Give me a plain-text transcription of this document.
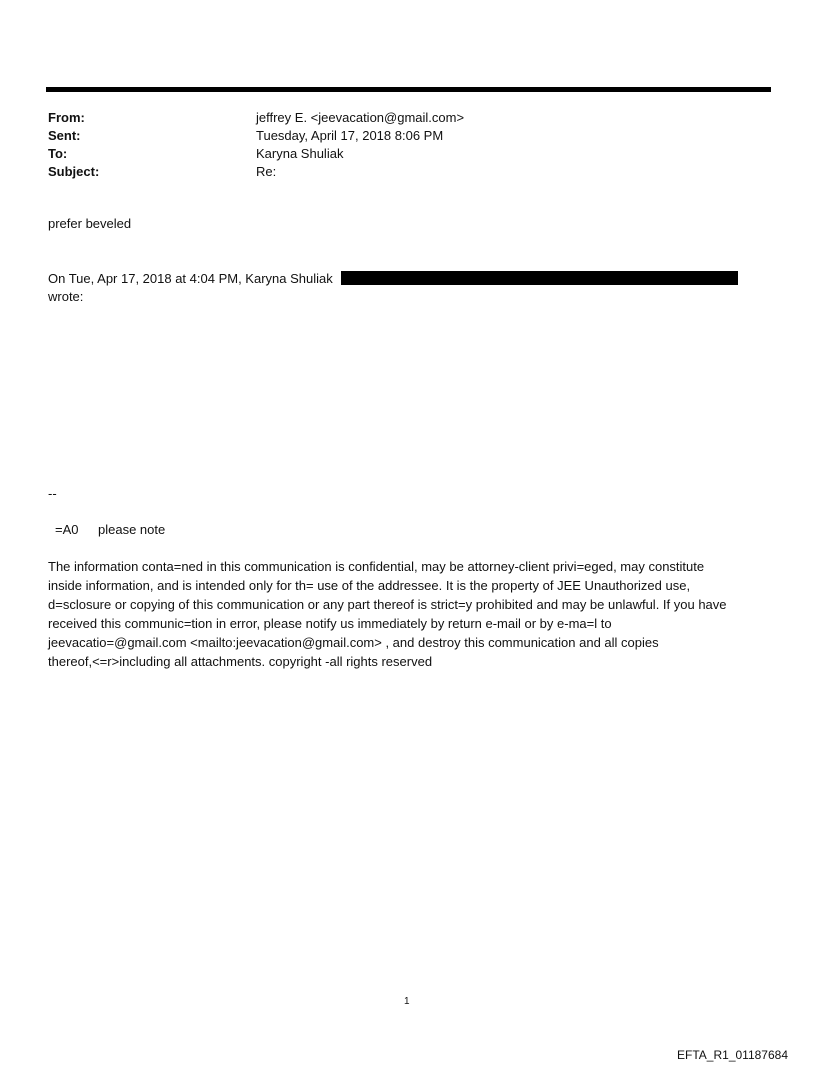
From:	jeffrey E. <jeevacation@gmail.com>
Sent:	Tuesday, April 17, 2018 8:06 PM
To:	Karyna Shuliak
Subject:	Re:
prefer beveled
On Tue, Apr 17, 2018 at 4:04 PM, Karyna Shuliak
wrote:
--
=A0 please note
The information conta=ned in this communication is confidential, may be attorney-client privi=eged, may constitute
inside information, and is intended only for th= use of the addressee. It is the property of JEE Unauthorized use,
d=sclosure or copying of this communication or any part thereof is strict=y prohibited and may be unlawful. If you have
received this communic=tion in error, please notify us immediately by return e-mail or by e-ma=l to
jeevacatio=@gmail.com <mailto:jeevacation@gmail.com> , and destroy this communication and all copies
thereof,<=r>including all attachments. copyright -all rights reserved
1
EFTA_R1_01187684
